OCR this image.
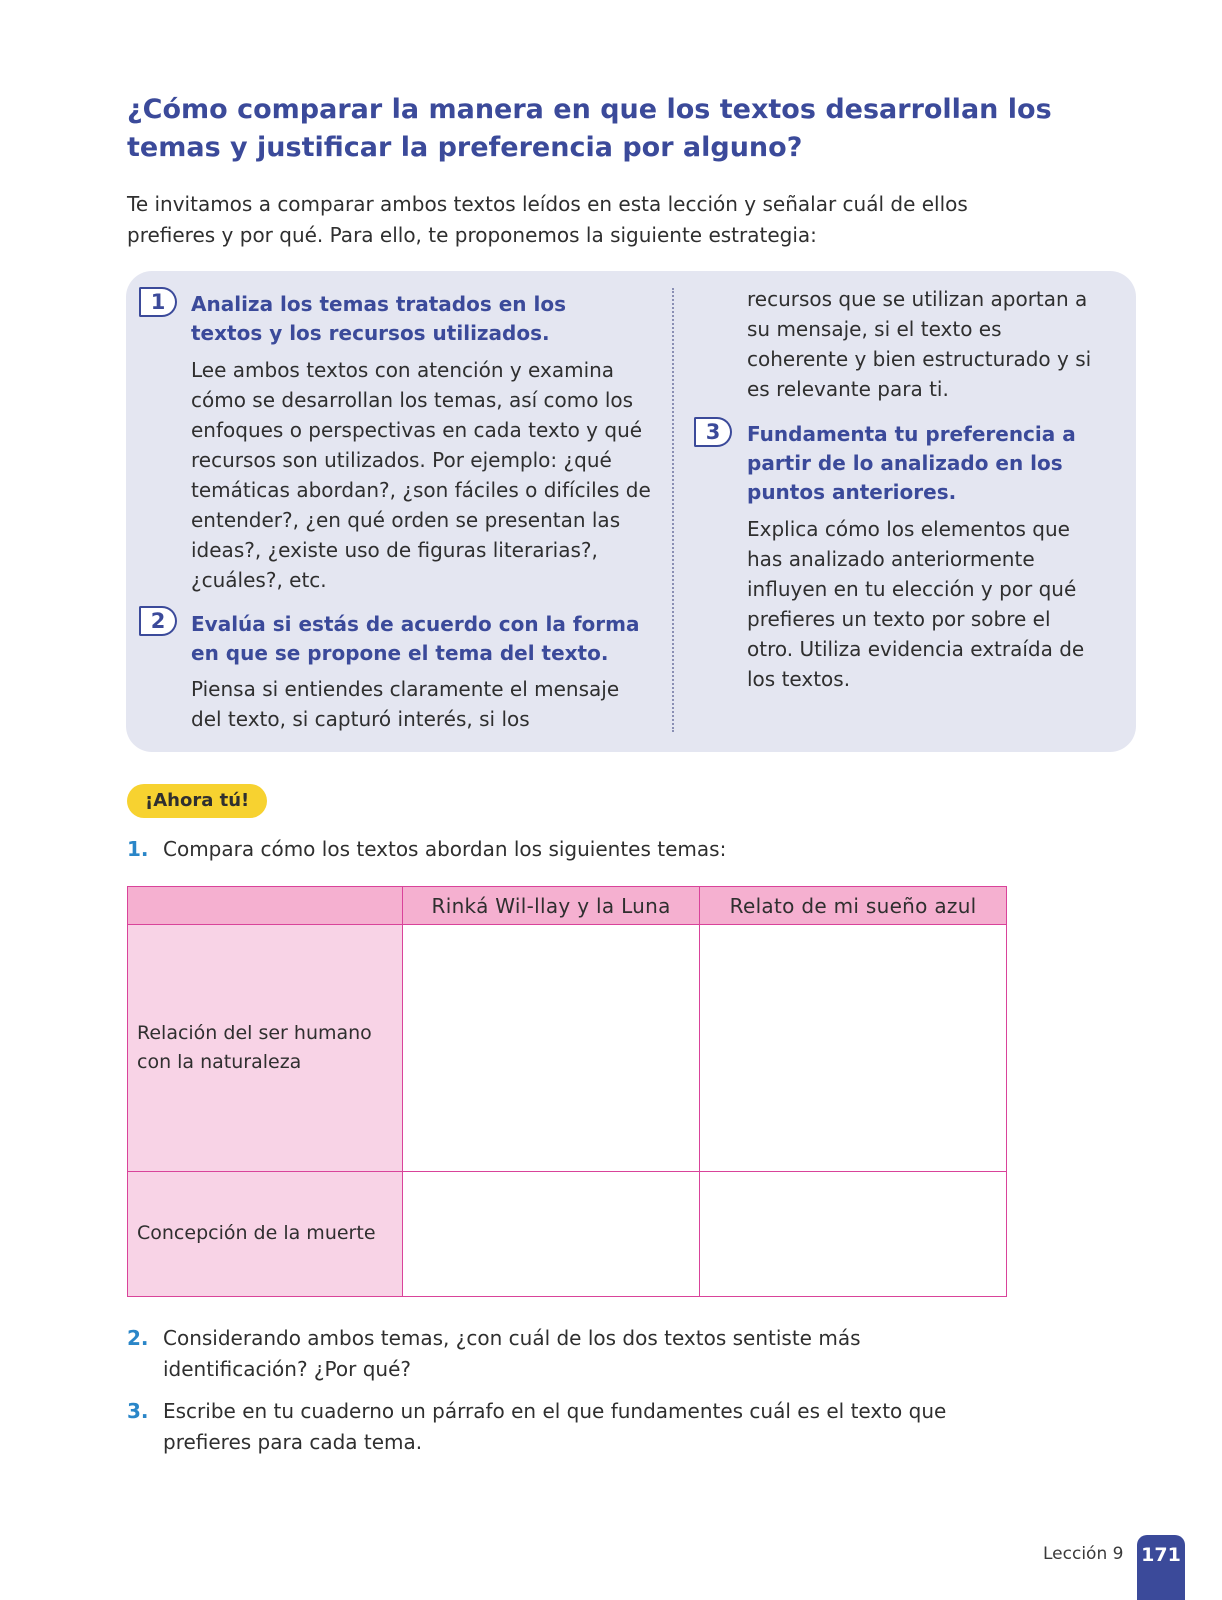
¿Cómo comparar la manera en que los textos desarrollan los temas y justificar la preferencia por alguno?

Te invitamos a comparar ambos textos leídos en esta lección y señalar cuál de ellos prefieres y por qué. Para ello, te proponemos la siguiente estrategia:

1	Analiza los temas tratados en los textos y los recursos utilizados.

Lee ambos textos con atención y examina cómo se desarrollan los temas, así como los enfoques o perspectivas en cada texto y qué recursos son utilizados. Por ejemplo: ¿qué temáticas abordan?, ¿son fáciles o difíciles de entender?, ¿en qué orden se presentan las ideas?, ¿existe uso de figuras literarias?, ¿cuáles?, etc.

2	Evalúa si estás de acuerdo con la forma en que se propone el tema del texto.

Piensa si entiendes claramente el mensaje del texto, si capturó interés, si los

recursos que se utilizan aportan a su mensaje, si el texto es coherente y bien estructurado y si es relevante para ti.

3	Fundamenta tu preferencia a partir de lo analizado en los puntos anteriores.

Explica cómo los elementos que has analizado anteriormente influyen en tu elección y por qué prefieres un texto por sobre el otro. Utiliza evidencia extraída de los textos.

¡Ahora tú!
1. Compara cómo los textos abordan los siguientes temas:

	Rinká Wil-llay y la Luna	Relato de mi sueño azul
Relación del ser humano con la naturaleza		
Concepción de la muerte		
2. Considerando ambos temas, ¿con cuál de los dos textos sentiste más identificación? ¿Por qué?

3. Escribe en tu cuaderno un párrafo en el que fundamentes cuál es el texto que prefieres para cada tema.

Lección 9 171
